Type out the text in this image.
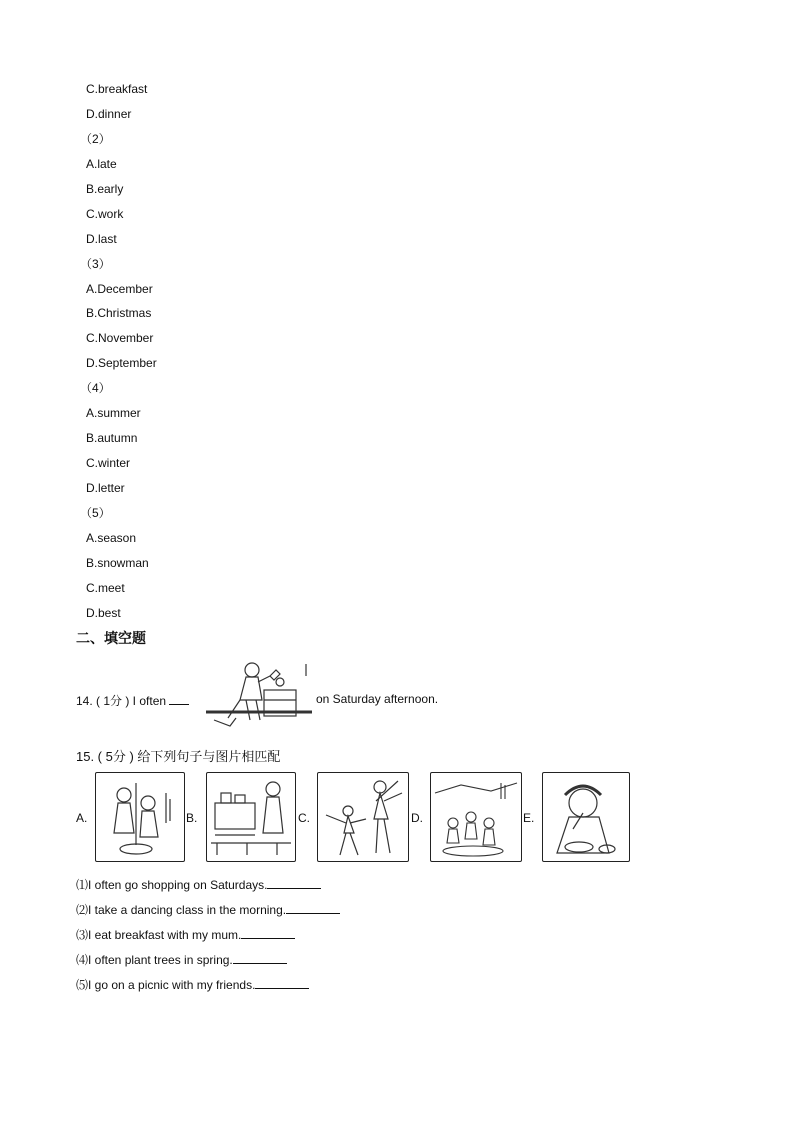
C.breakfast
D.dinner
（2）
A.late
B.early
C.work
D.last
（3）
A.December
B.Christmas
C.November
D.September
（4）
A.summer
B.autumn
C.winter
D.letter
（5）
A.season
B.snowman
C.meet
D.best
二、填空题
14. ( 1分 ) I often	on Saturday afternoon.
15. ( 5分 ) 给下列句子与图片相匹配
A.	B.	C.	D.	E.
⑴I often go shopping on Saturdays.
⑵I take a dancing class in the morning.
⑶I eat breakfast with my mum.
⑷I often plant trees in spring.
⑸I go on a picnic with my friends.
